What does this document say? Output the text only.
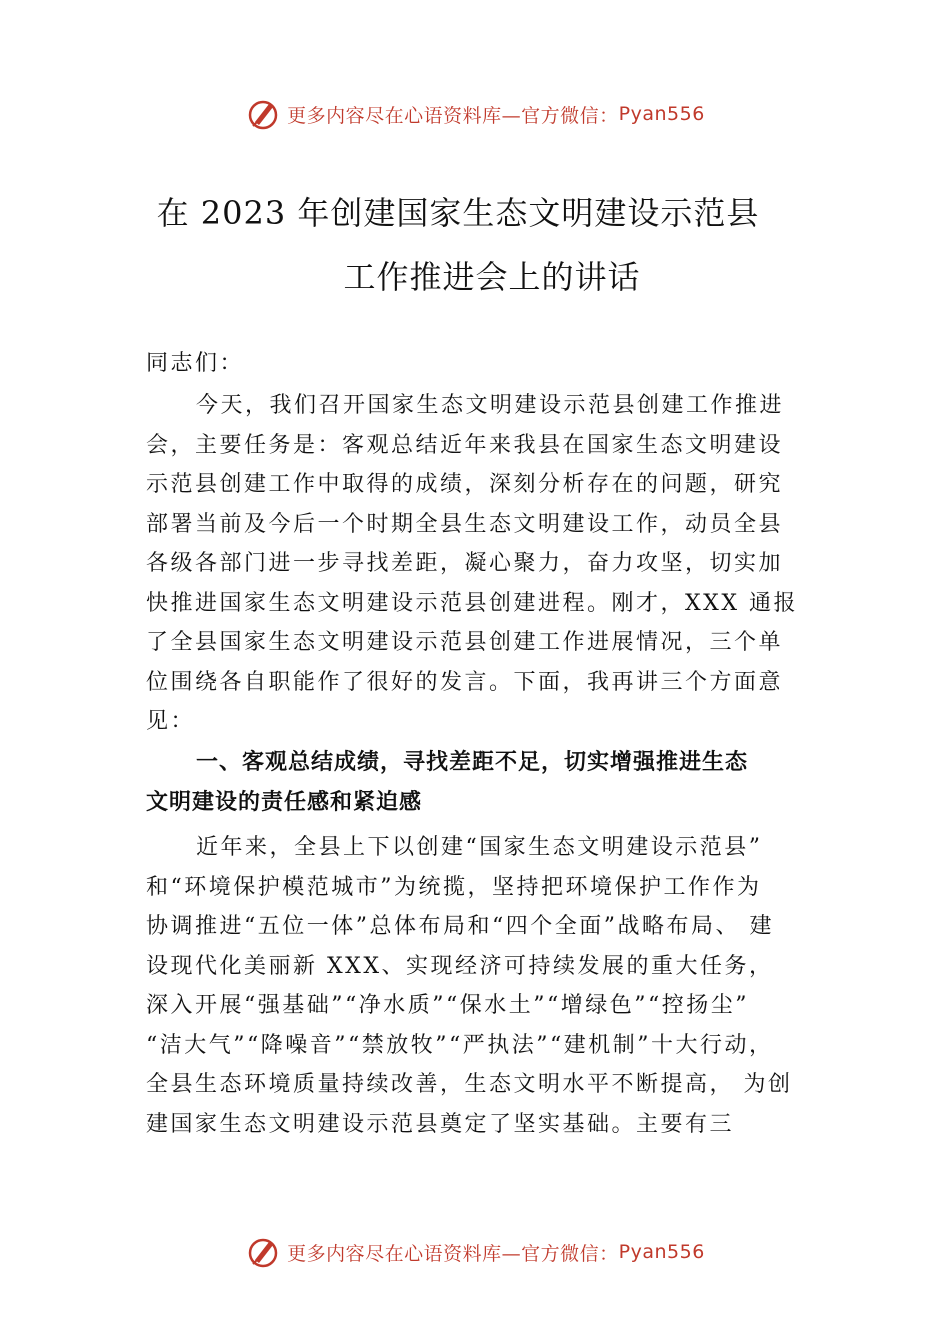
更多内容尽在心语资料库—官方微信： Pyan556
在 2023 年创建国家生态文明建设示范县
工作推进会上的讲话
同志们：
今天，我们召开国家生态文明建设示范县创建工作推进
会，主要任务是：客观总结近年来我县在国家生态文明建设
示范县创建工作中取得的成绩，深刻分析存在的问题，研究
部署当前及今后一个时期全县生态文明建设工作，动员全县
各级各部门进一步寻找差距，凝心聚力，奋力攻坚，切实加
快推进国家生态文明建设示范县创建进程。刚才，XXX 通报
了全县国家生态文明建设示范县创建工作进展情况，三个单
位围绕各自职能作了很好的发言。下面，我再讲三个方面意
见：
一、客观总结成绩，寻找差距不足，切实增强推进生态
文明建设的责任感和紧迫感
近年来，全县上下以创建“国家生态文明建设示范县”
和“环境保护模范城市”为统揽，坚持把环境保护工作作为
协调推进“五位一体”总体布局和“四个全面”战略布局、 建
设现代化美丽新 XXX、实现经济可持续发展的重大任务，
深入开展“强基础”“净水质”“保水土”“增绿色”“控扬尘”
“洁大气”“降噪音”“禁放牧”“严执法”“建机制”十大行动，
全县生态环境质量持续改善，生态文明水平不断提高， 为创
建国家生态文明建设示范县奠定了坚实基础。主要有三
更多内容尽在心语资料库—官方微信： Pyan556
